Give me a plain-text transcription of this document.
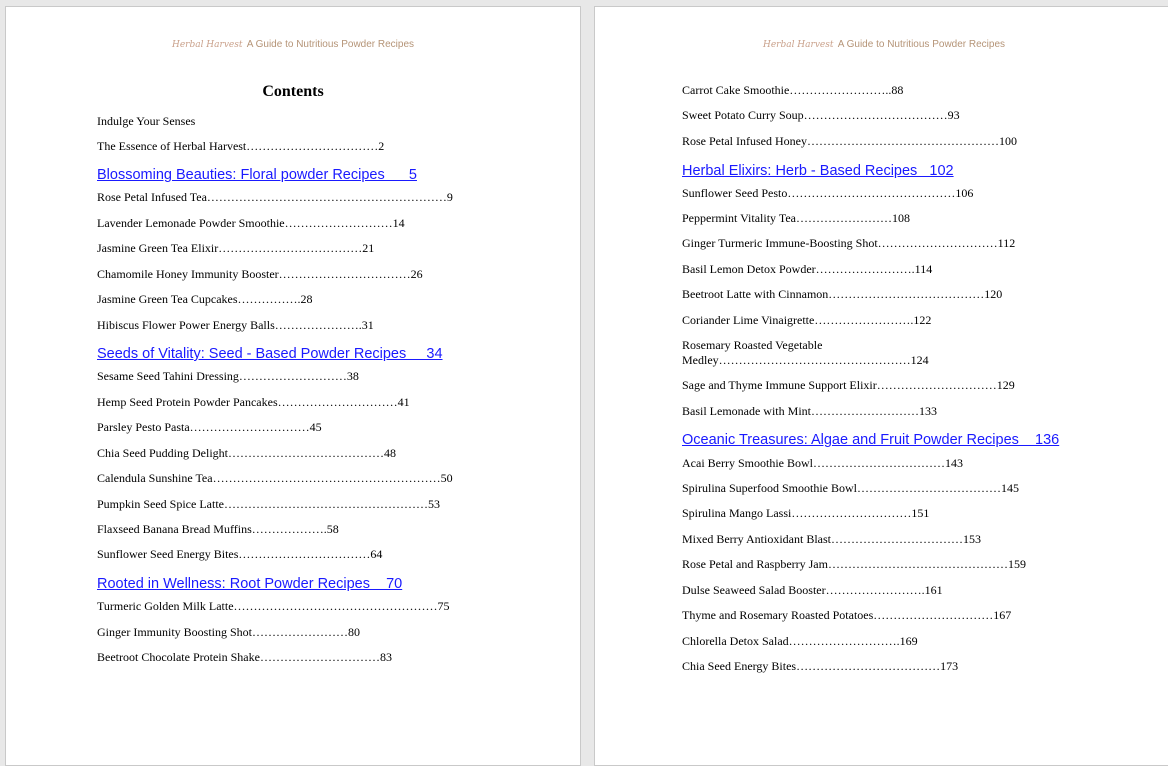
Herbal Harvest A Guide to Nutritious Powder Recipes
Contents
Indulge Your Senses
The Essence of Herbal Harvest……………………………2
Blossoming Beauties: Floral powder Recipes      5
Rose Petal Infused Tea……………………………………………………9
Lavender Lemonade Powder Smoothie………………………14
Jasmine Green Tea Elixir………………………………21
Chamomile Honey Immunity Booster……………………………26
Jasmine Green Tea Cupcakes…………….28
Hibiscus Flower Power Energy Balls………………….31
Seeds of Vitality: Seed - Based Powder Recipes     34
Sesame Seed Tahini Dressing………………………38
Hemp Seed Protein Powder Pancakes…………………………41
Parsley Pesto Pasta…………………………45
Chia Seed Pudding Delight…………………………………48
Calendula Sunshine Tea…………………………………………………50
Pumpkin Seed Spice Latte……………………………………………53
Flaxseed Banana Bread Muffins……………….58
Sunflower Seed Energy Bites……………………………64
Rooted in Wellness: Root Powder Recipes    70
Turmeric Golden Milk Latte……………………………………………75
Ginger Immunity Boosting Shot……………………80
Beetroot Chocolate Protein Shake…………………………83
Herbal Harvest A Guide to Nutritious Powder Recipes
Carrot Cake Smoothie……………………..88
Sweet Potato Curry Soup………………………………93
Rose Petal Infused Honey…………………………………………100
Herbal Elixirs: Herb - Based Recipes   102
Sunflower Seed Pesto……………………………………106
Peppermint Vitality Tea……………………108
Ginger Turmeric Immune-Boosting Shot…………………………112
Basil Lemon Detox Powder…………………….114
Beetroot Latte with Cinnamon…………………………………120
Coriander Lime Vinaigrette…………………….122
Rosemary Roasted Vegetable
Medley…………………………………………124
Sage and Thyme Immune Support Elixir…………………………129
Basil Lemonade with Mint………………………133
Oceanic Treasures: Algae and Fruit Powder Recipes    136
Acai Berry Smoothie Bowl……………………………143
Spirulina Superfood Smoothie Bowl………………………………145
Spirulina Mango Lassi…………………………151
Mixed Berry Antioxidant Blast……………………………153
Rose Petal and Raspberry Jam………………………………………159
Dulse Seaweed Salad Booster…………………….161
Thyme and Rosemary Roasted Potatoes…………………………167
Chlorella Detox Salad……………………….169
Chia Seed Energy Bites………………………………173
